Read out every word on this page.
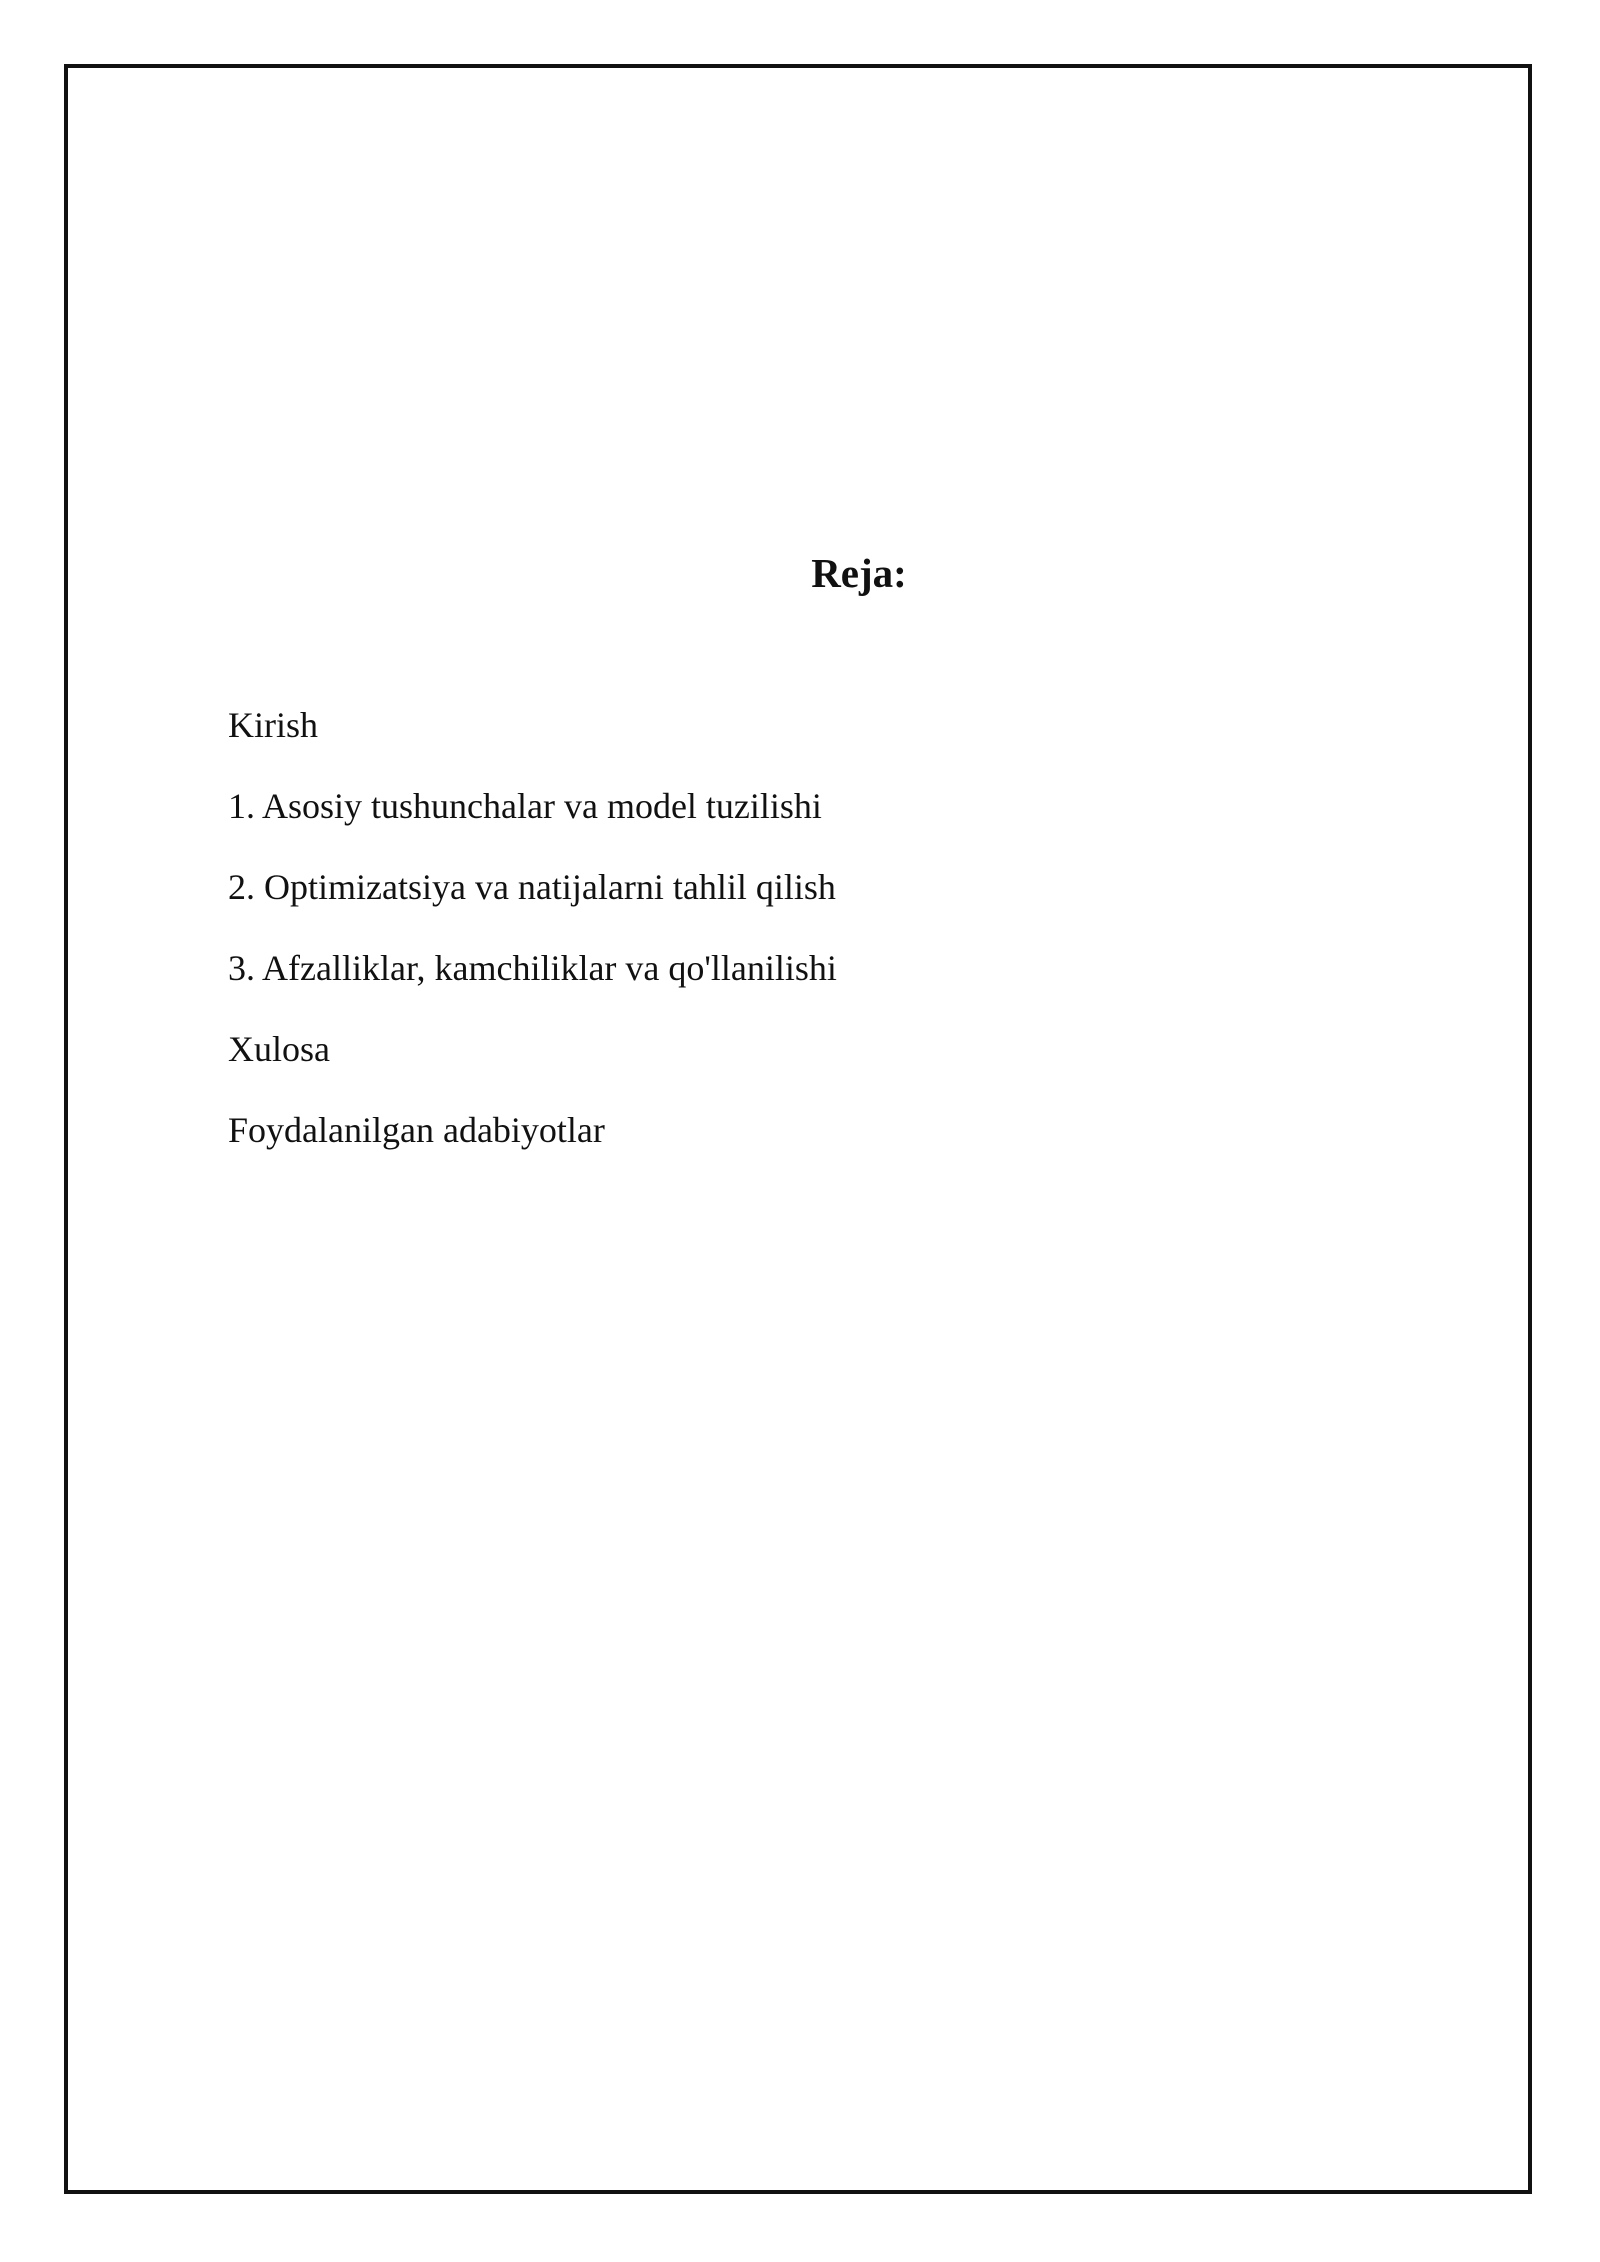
Reja:
Kirish
1. Asosiy tushunchalar va model tuzilishi
2. Optimizatsiya va natijalarni tahlil qilish
3. Afzalliklar, kamchiliklar va qo'llanilishi
Xulosa
Foydalanilgan adabiyotlar
